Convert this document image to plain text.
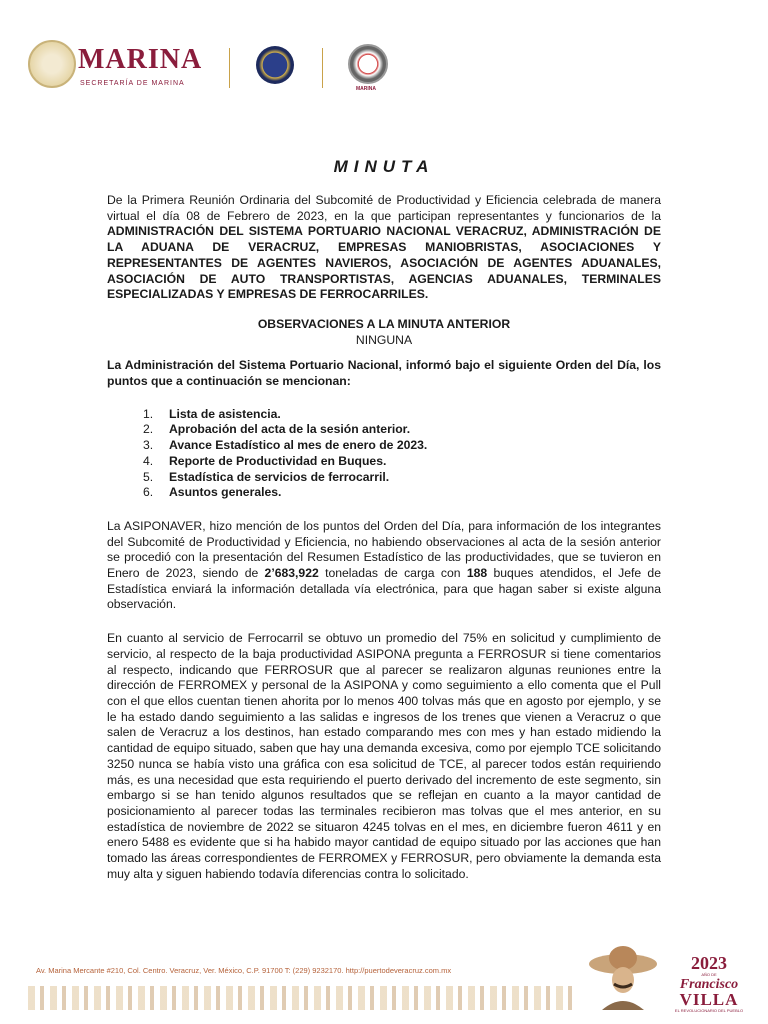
MARINA
SECRETARÍA DE MARINA
MARINA
MINUTA

De la Primera Reunión Ordinaria del Subcomité de Productividad y Eficiencia celebrada de manera virtual el día 08 de Febrero de 2023, en la que participan representantes y funcionarios de la ADMINISTRACIÓN DEL SISTEMA PORTUARIO NACIONAL VERACRUZ, ADMINISTRACIÓN DE LA ADUANA DE VERACRUZ, EMPRESAS MANIOBRISTAS, ASOCIACIONES Y REPRESENTANTES DE AGENTES NAVIEROS, ASOCIACIÓN DE AGENTES ADUANALES, ASOCIACIÓN DE AUTO TRANSPORTISTAS, AGENCIAS ADUANALES, TERMINALES ESPECIALIZADAS Y EMPRESAS DE FERROCARRILES.

OBSERVACIONES A LA MINUTA ANTERIOR

NINGUNA

La Administración del Sistema Portuario Nacional, informó bajo el siguiente Orden del Día, los puntos que a continuación se mencionan:

1.	Lista de asistencia.
2.	Aprobación del acta de la sesión anterior.
3.	Avance Estadístico al mes de enero de 2023.
4.	Reporte de Productividad en Buques.
5.	Estadística de servicios de ferrocarril.
6.	Asuntos generales.

La ASIPONAVER, hizo mención de los puntos del Orden del Día, para información de los integrantes del Subcomité de Productividad y Eficiencia, no habiendo observaciones al acta de la sesión anterior se procedió con la presentación del Resumen Estadístico de las productividades, que se tuvieron en Enero de 2023, siendo de 2’683,922 toneladas de carga con 188 buques atendidos, el Jefe de Estadística enviará la información detallada vía electrónica, para que hagan saber si existe alguna observación.

En cuanto al servicio de Ferrocarril se obtuvo un promedio del 75% en solicitud y cumplimiento de servicio, al respecto de la baja productividad ASIPONA pregunta a FERROSUR si tiene comentarios al respecto, indicando que FERROSUR que al parecer se realizaron algunas reuniones entre la dirección de FERROMEX y personal de la ASIPONA y como seguimiento a ello comenta que el Pull con el que ellos cuentan tienen ahorita por lo menos 400 tolvas más que en agosto por ejemplo, y se le ha estado dando seguimiento a las salidas e ingresos de los trenes que vienen a Veracruz o que salen de Veracruz a los destinos, han estado comparando mes con mes y han estado midiendo la cantidad de equipo situado, saben que hay una demanda excesiva, como por ejemplo TCE solicitando 3250 nunca se había visto una gráfica con esa solicitud de TCE, al parecer todos están requiriendo más, es una necesidad que esta requiriendo el puerto derivado del incremento de este segmento, sin embargo si se han tenido algunos resultados que se reflejan en cuanto a la mayor cantidad de posicionamiento al parecer todas las terminales recibieron mas tolvas que el mes anterior, en su estadística de noviembre de 2022 se situaron 4245 tolvas en el mes, en diciembre fueron 4611 y en enero 5488 es evidente que si ha habido mayor cantidad de equipo situado por las acciones que han tomado las áreas correspondientes de FERROMEX y FERROSUR, pero obviamente la demanda esta muy alta y siguen habiendo todavía diferencias contra lo solicitado.

Av. Marina Mercante #210, Col. Centro. Veracruz, Ver. México, C.P. 91700 T: (229) 9232170. http://puertodeveracruz.com.mx	2023
AÑO DE
Francisco
VILLA
EL REVOLUCIONARIO DEL PUEBLO
